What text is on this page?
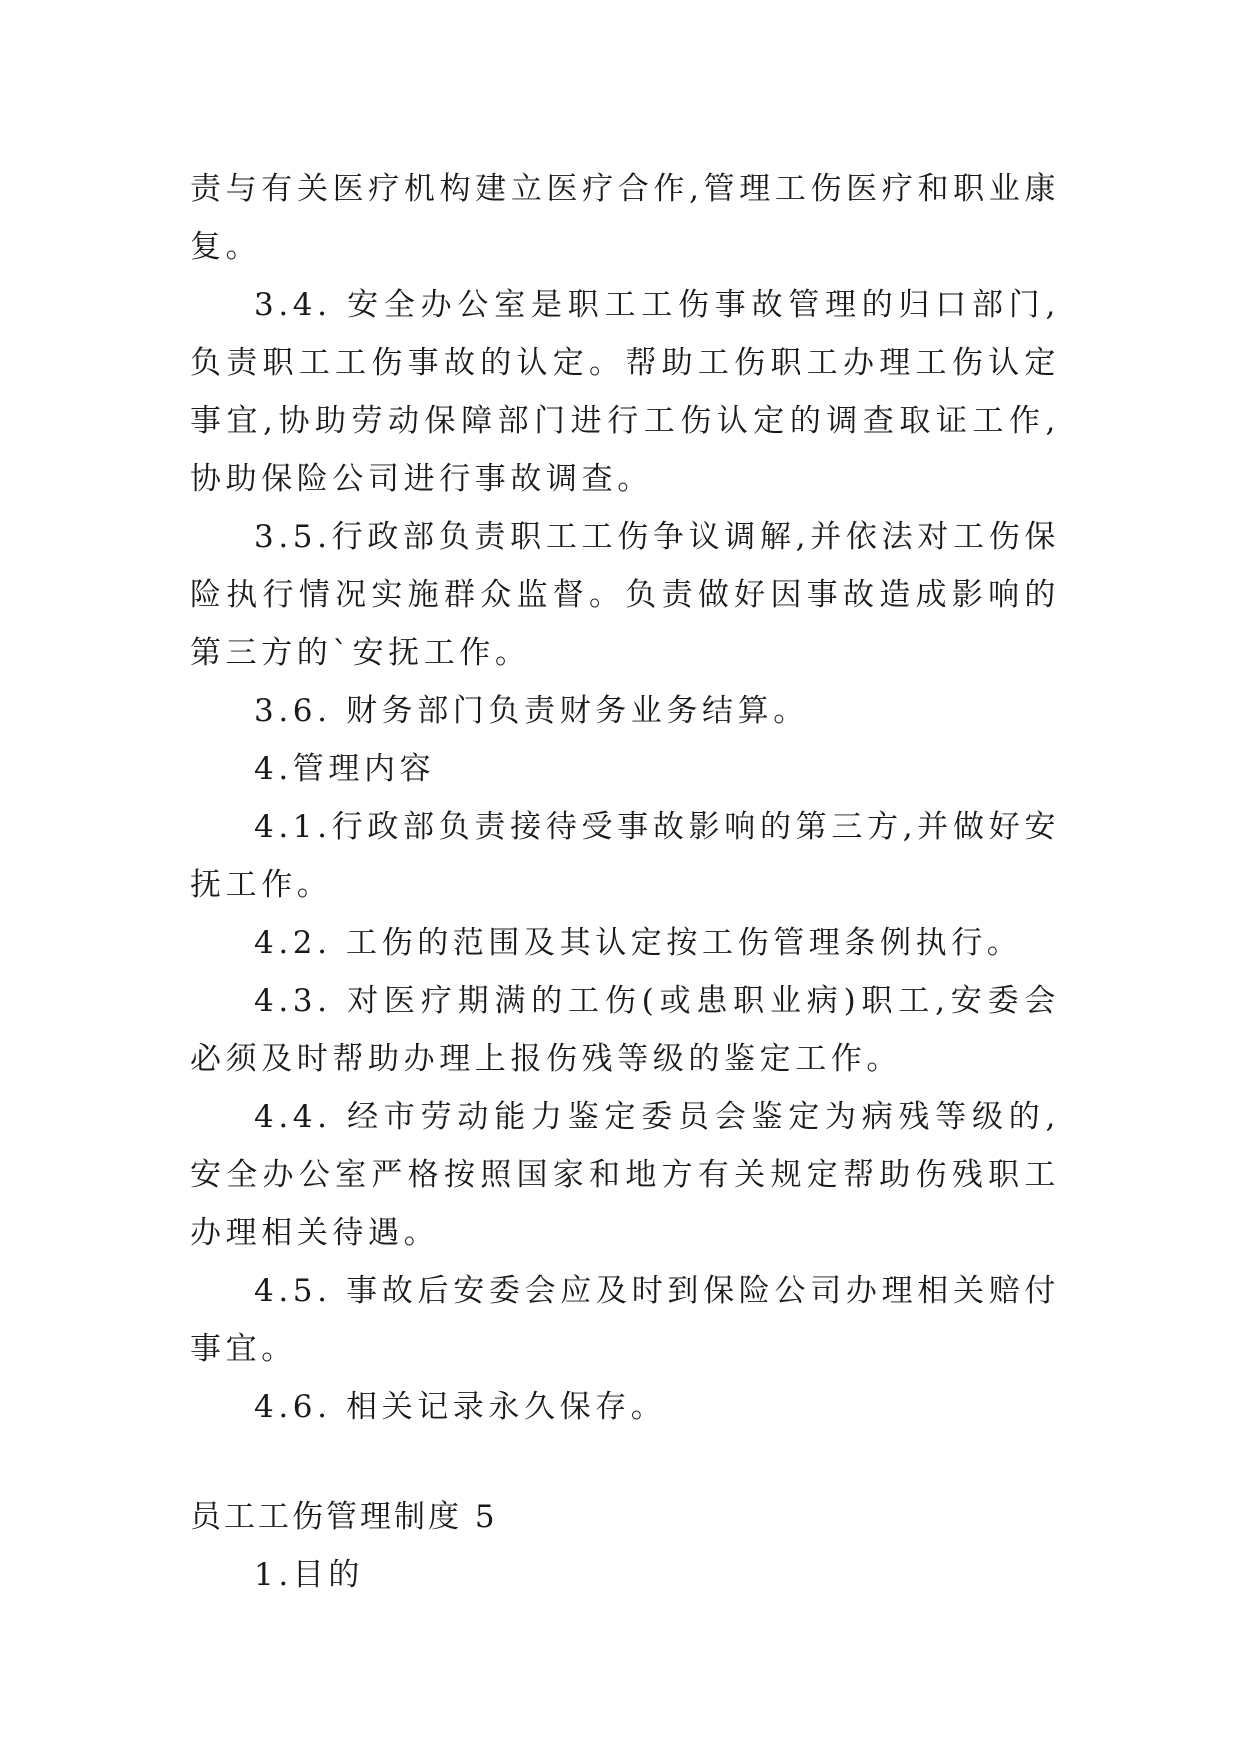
责与有关医疗机构建立医疗合作,管理工伤医疗和职业康复。

3.4. 安全办公室是职工工伤事故管理的归口部门,负责职工工伤事故的认定。帮助工伤职工办理工伤认定事宜,协助劳动保障部门进行工伤认定的调查取证工作,协助保险公司进行事故调查。

3.5.行政部负责职工工伤争议调解,并依法对工伤保险执行情况实施群众监督。负责做好因事故造成影响的第三方的`安抚工作。

3.6. 财务部门负责财务业务结算。

4.管理内容

4.1.行政部负责接待受事故影响的第三方,并做好安抚工作。

4.2. 工伤的范围及其认定按工伤管理条例执行。

4.3. 对医疗期满的工伤(或患职业病)职工,安委会必须及时帮助办理上报伤残等级的鉴定工作。

4.4. 经市劳动能力鉴定委员会鉴定为病残等级的,安全办公室严格按照国家和地方有关规定帮助伤残职工办理相关待遇。

4.5. 事故后安委会应及时到保险公司办理相关赔付事宜。

4.6. 相关记录永久保存。

员工工伤管理制度 5

1.目的
